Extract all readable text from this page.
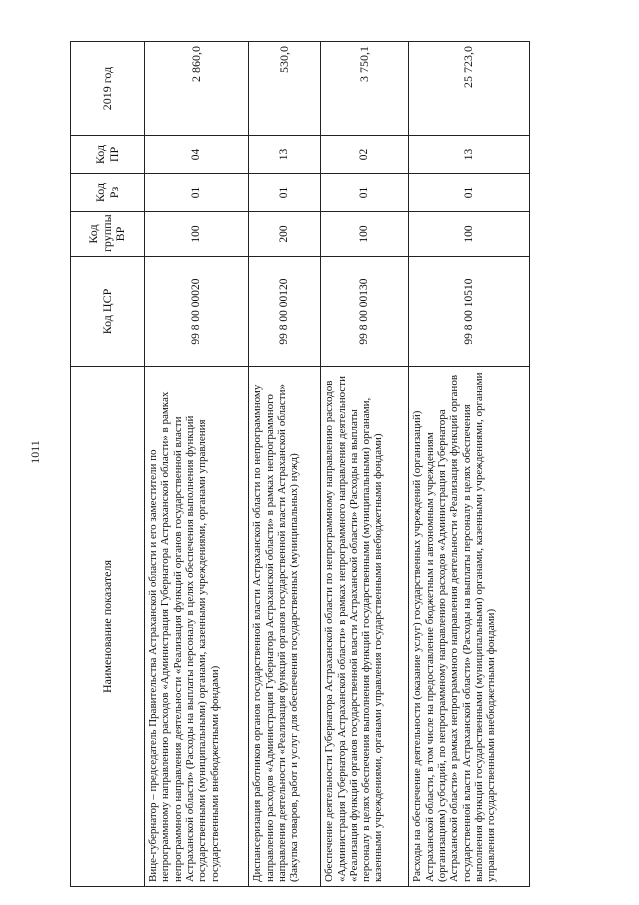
1011
Наименование показателя	Код ЦСР	Код группы ВР	Код Рз	Код ПР	2019 год
Вице-губернатор – председатель Правительства Астраханской области и его заместители по непрограммному направлению расходов «Администрация Губернатора Астраханской области» в рамках непрограммного направления деятельности «Реализация функций органов государственной власти Астраханской области» (Расходы на выплаты персоналу в целях обеспечения выполнения функций государственными (муниципальными) органами, казенными учреждениями, органами управления государственными внебюджетными фондами)	99 8 00 00020	100	01	04	2 860,0
Диспансеризация работников органов государственной власти Астраханской области по непрограммному направлению расходов «Администрация Губернатора Астраханской области» в рамках непрограммного направления деятельности «Реализация функций органов государственной власти Астраханской области» (Закупка товаров, работ и услуг для обеспечения государственных (муниципальных) нужд)	99 8 00 00120	200	01	13	530,0
Обеспечение деятельности Губернатора Астраханской области по непрограммному направлению расходов «Администрация Губернатора Астраханской области» в рамках непрограммного направления деятельности «Реализация функций органов государственной власти Астраханской области» (Расходы на выплаты персоналу в целях обеспечения выполнения функций государственными (муниципальными) органами, казенными учреждениями, органами управления государственными внебюджетными фондами)	99 8 00 00130	100	01	02	3 750,1
Расходы на обеспечение деятельности (оказание услуг) государственных учреждений (организаций) Астраханской области, в том числе на предоставление бюджетным и автономным учреждениям (организациям) субсидий, по непрограммному направлению расходов «Администрация Губернатора Астраханской области» в рамках непрограммного направления деятельности «Реализация функций органов государственной власти Астраханской области» (Расходы на выплаты персоналу в целях обеспечения выполнения функций государственными (муниципальными) органами, казенными учреждениями, органами управления государственными внебюджетными фондами)	99 8 00 10510	100	01	13	25 723,0
